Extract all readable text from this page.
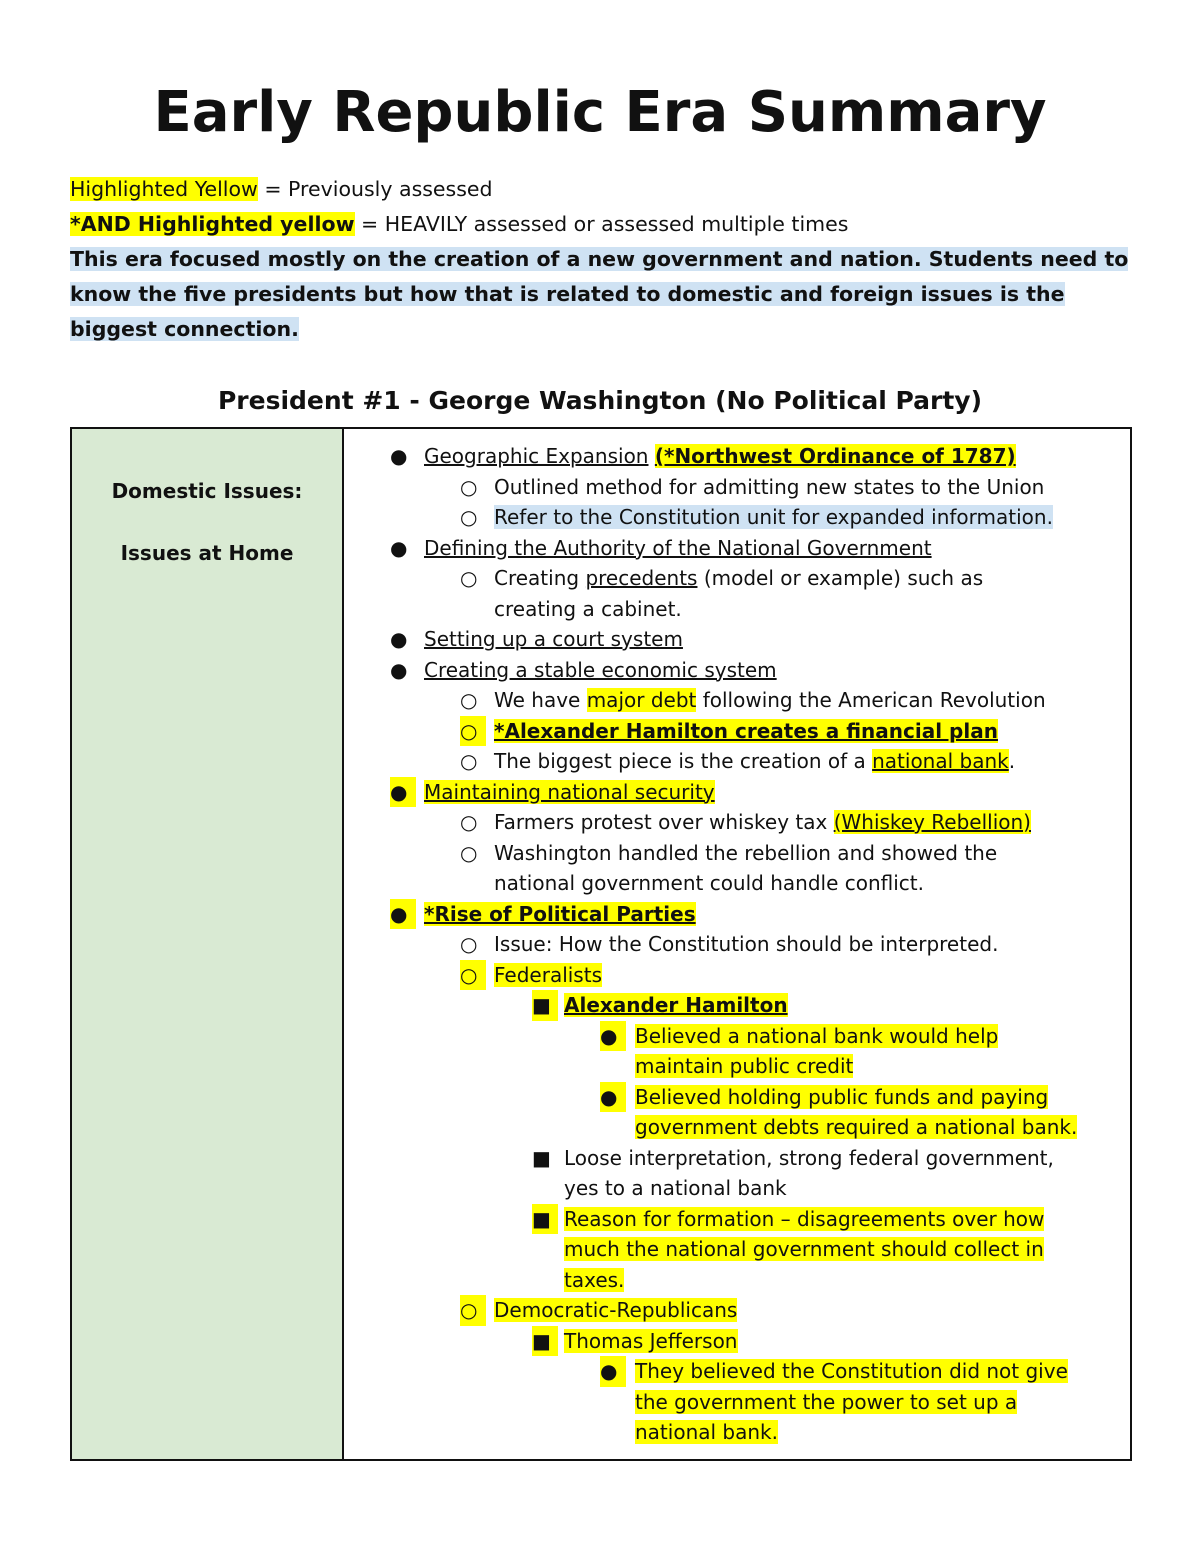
Early Republic Era Summary

Highlighted Yellow = Previously assessed

*AND Highlighted yellow = HEAVILY assessed or assessed multiple times

This era focused mostly on the creation of a new government and nation. Students need to

know the five presidents but how that is related to domestic and foreign issues is the

biggest connection.

President #1 - George Washington (No Political Party)
Domestic Issues:
Issues at Home
● Geographic Expansion (*Northwest Ordinance of 1787)
○ Outlined method for admitting new states to the Union
○ Refer to the Constitution unit for expanded information.
● Defining the Authority of the National Government
○ Creating precedents (model or example) such as
creating a cabinet.
● Setting up a court system
● Creating a stable economic system
○ We have major debt following the American Revolution
○ *Alexander Hamilton creates a financial plan
○ The biggest piece is the creation of a national bank.
● Maintaining national security
○ Farmers protest over whiskey tax (Whiskey Rebellion)
○ Washington handled the rebellion and showed the
national government could handle conflict.
● *Rise of Political Parties
○ Issue: How the Constitution should be interpreted.
○ Federalists
■ Alexander Hamilton
● Believed a national bank would help
maintain public credit
● Believed holding public funds and paying
government debts required a national bank.
■ Loose interpretation, strong federal government,
yes to a national bank
■ Reason for formation – disagreements over how
much the national government should collect in
taxes.
○ Democratic-Republicans
■ Thomas Jefferson
● They believed the Constitution did not give
the government the power to set up a
national bank.
